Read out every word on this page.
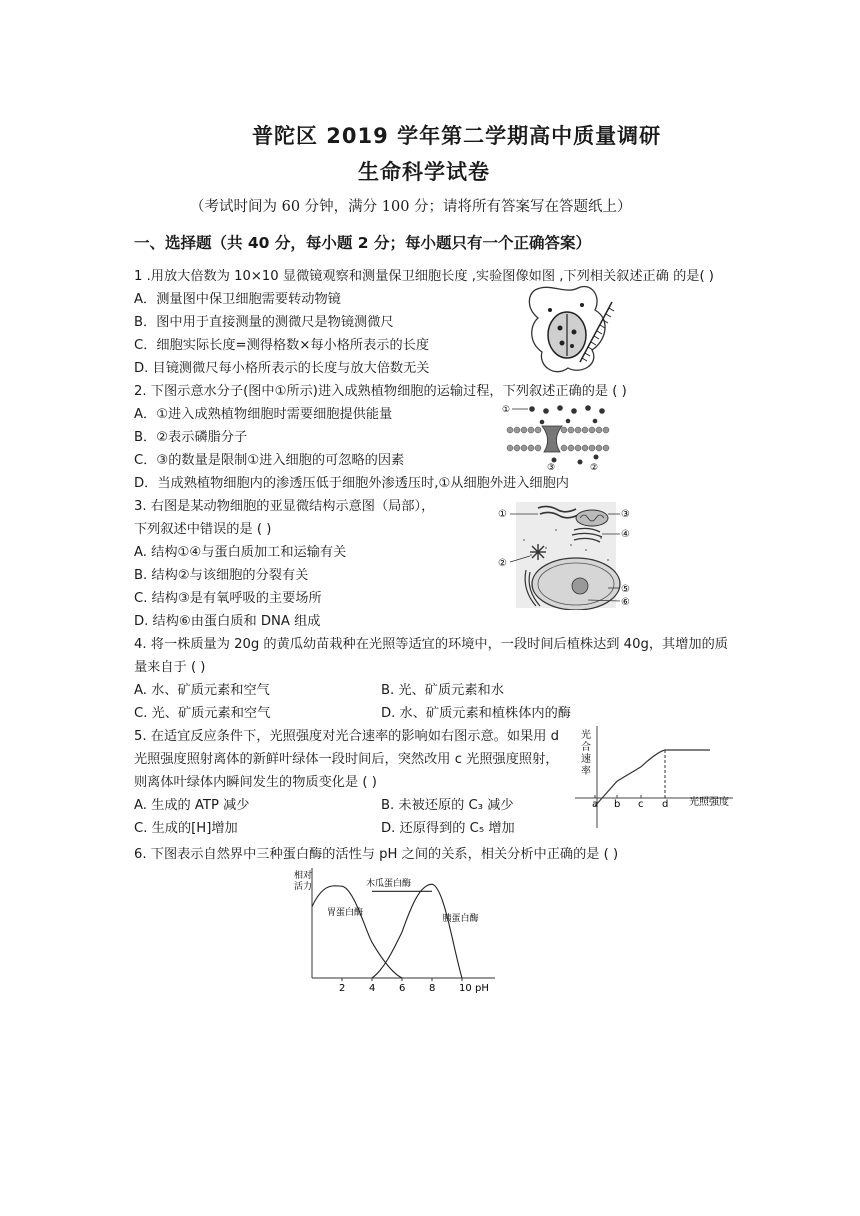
普陀区 2019 学年第二学期高中质量调研
生命科学试卷
（考试时间为 60 分钟，满分 100 分；请将所有答案写在答题纸上）
一、选择题（共 40 分，每小题 2 分；每小题只有一个正确答案）
1 .用放大倍数为 10×10 显微镜观察和测量保卫细胞长度 ,实验图像如图 ,下列相关叙述正确 的是( )
A．测量图中保卫细胞需要转动物镜
B．图中用于直接测量的测微尺是物镜测微尺
C．细胞实际长度=测得格数×每小格所表示的长度
D. 目镜测微尺每小格所表示的长度与放大倍数无关
2. 下图示意水分子(图中①所示)进入成熟植物细胞的运输过程，下列叙述正确的是 ( )
A．①进入成熟植物细胞时需要细胞提供能量
B．②表示磷脂分子
C．③的数量是限制①进入细胞的可忽略的因素
D．当成熟植物细胞内的渗透压低于细胞外渗透压时,①从细胞外进入细胞内
①
③	②
3. 右图是某动物细胞的亚显微结构示意图（局部），
下列叙述中错误的是 ( )
A. 结构①④与蛋白质加工和运输有关
B. 结构②与该细胞的分裂有关
C. 结构③是有氧呼吸的主要场所
D. 结构⑥由蛋白质和 DNA 组成
①	③
④
②
⑤
⑥
4. 将一株质量为 20g 的黄瓜幼苗栽种在光照等适宜的环境中，一段时间后植株达到 40g，其增加的质
量来自于 ( )
A. 水、矿质元素和空气	B. 光、矿质元素和水
C. 光、矿质元素和空气	D. 水、矿质元素和植株体内的酶
5. 在适宜反应条件下，光照强度对光合速率的影响如右图示意。如果用 d
光照强度照射离体的新鲜叶绿体一段时间后，突然改用 c 光照强度照射，
则离体叶绿体内瞬间发生的物质变化是 ( )
A. 生成的 ATP 减少	B. 未被还原的 C₃ 减少
C. 生成的[H]增加	D. 还原得到的 C₅ 增加
光
合
速
率
a b c d 光照强度
6. 下图表示自然界中三种蛋白酶的活性与 pH 之间的关系，相关分析中正确的是 ( )
相 对
活 力
2 4 6 8 10
胃蛋白酶
木瓜蛋白酶
胰蛋白酶
pH
